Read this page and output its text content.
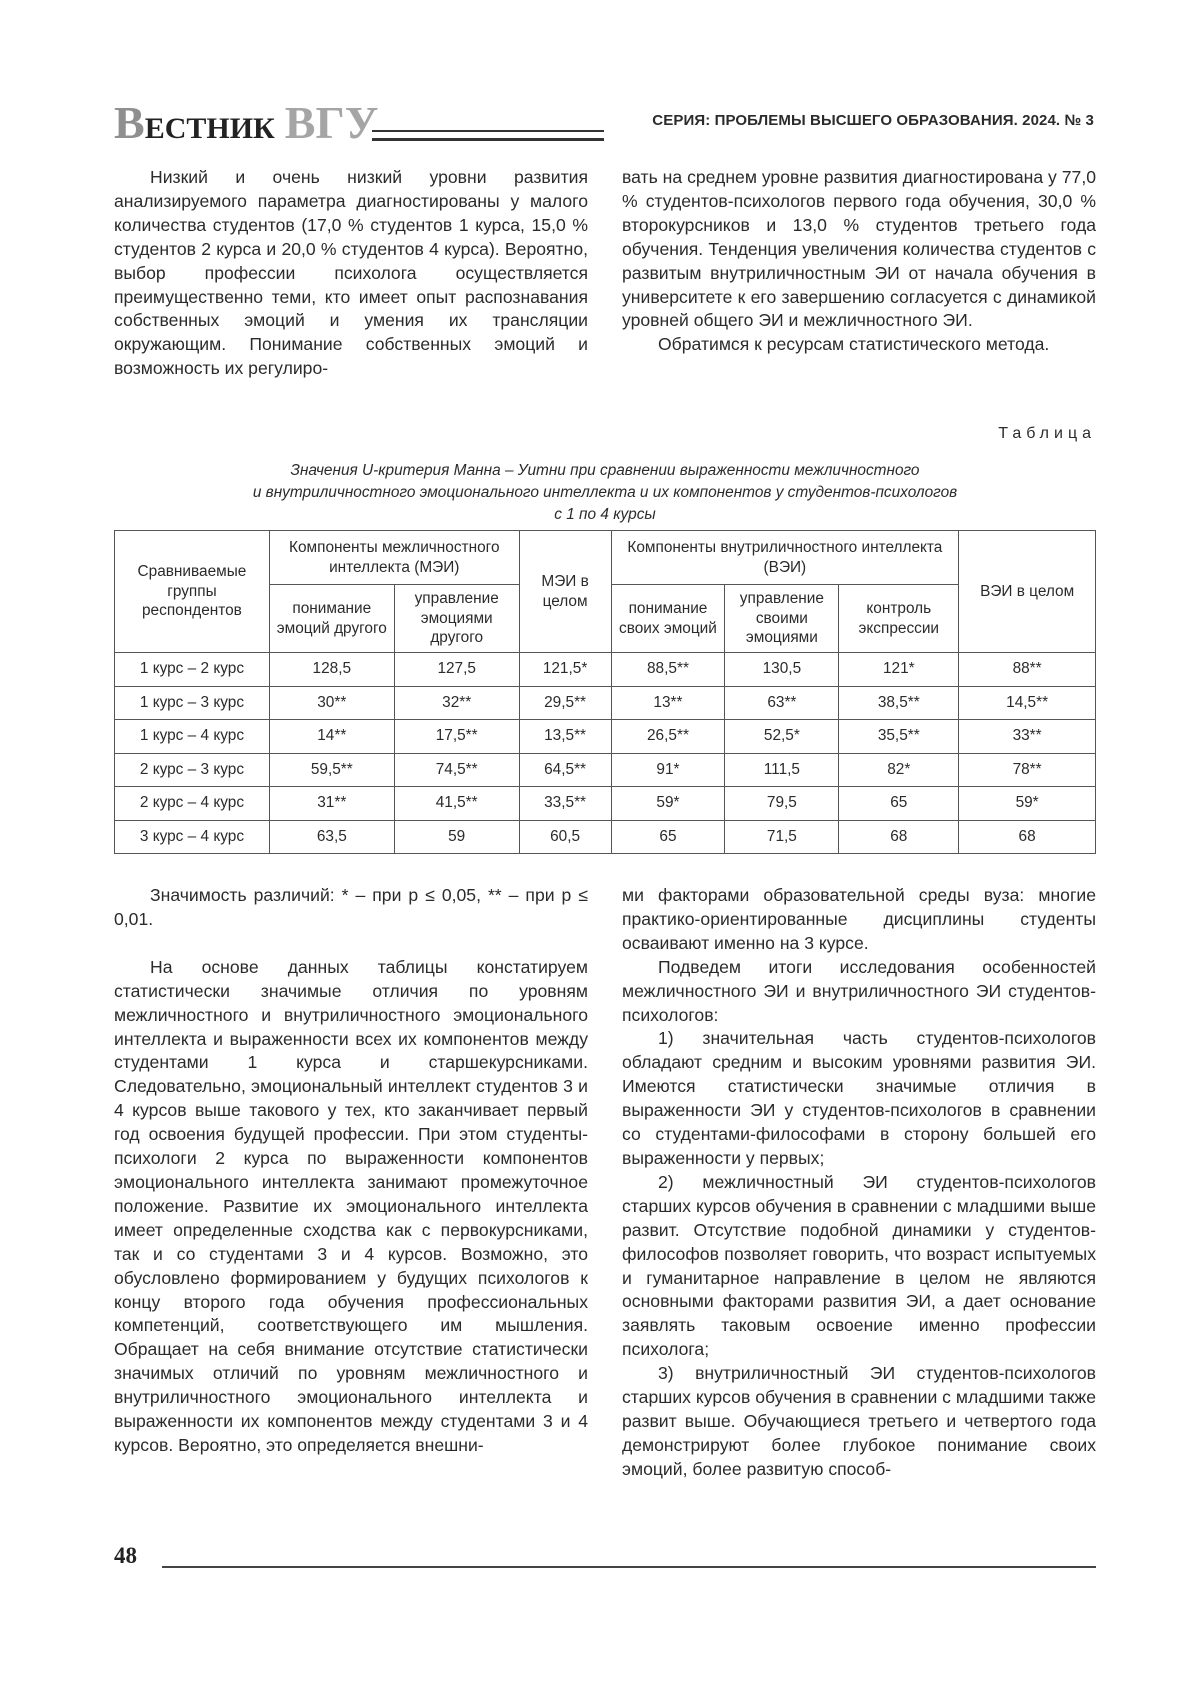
ВЕСТНИК ВГУ	СЕРИЯ: ПРОБЛЕМЫ ВЫСШЕГО ОБРАЗОВАНИЯ. 2024. № 3

Низкий и очень низкий уровни развития анализируемого параметра диагностированы у малого количества студентов (17,0 % студентов 1 курса, 15,0 % студентов 2 курса и 20,0 % студентов 4 курса). Вероятно, выбор профессии психолога осуществляется преимущественно теми, кто имеет опыт распознавания собственных эмоций и умения их трансляции окружающим. Понимание собственных эмоций и возможность их регулиро-

вать на среднем уровне развития диагностирована у 77,0 % студентов-психологов первого года обучения, 30,0 % второкурсников и 13,0 % студентов третьего года обучения. Тенденция увеличения количества студентов с развитым внутриличностным ЭИ от начала обучения в университете к его завершению согласуется с динамикой уровней общего ЭИ и межличностного ЭИ.

Обратимся к ресурсам статистического метода.

Таблица
Значения U-критерия Манна – Уитни при сравнении выраженности межличностного
и внутриличностного эмоционального интеллекта и их компонентов у студентов-психологов
с 1 по 4 курсы
Сравниваемые группы респондентов	Компоненты межличностного интеллекта (МЭИ)		МЭИ в целом	Компоненты внутриличностного интеллекта (ВЭИ)			ВЭИ в целом
	понимание эмоций другого	управление эмоциями другого		понимание своих эмоций	управление своими эмоциями	контроль экспрессии	
1 курс – 2 курс	128,5	127,5	121,5*	88,5**	130,5	121*	88**
1 курс – 3 курс	30**	32**	29,5**	13**	63**	38,5**	14,5**
1 курс – 4 курс	14**	17,5**	13,5**	26,5**	52,5*	35,5**	33**
2 курс – 3 курс	59,5**	74,5**	64,5**	91*	111,5	82*	78**
2 курс – 4 курс	31**	41,5**	33,5**	59*	79,5	65	59*
3 курс – 4 курс	63,5	59	60,5	65	71,5	68	68

Значимость различий: * – при p ≤ 0,05, ** – при p ≤ 0,01.

На основе данных таблицы констатируем статистически значимые отличия по уровням межличностного и внутриличностного эмоционального интеллекта и выраженности всех их компонентов между студентами 1 курса и старшекурсниками. Следовательно, эмоциональный интеллект студентов 3 и 4 курсов выше такового у тех, кто заканчивает первый год освоения будущей профессии. При этом студенты-психологи 2 курса по выраженности компонентов эмоционального интеллекта занимают промежуточное положение. Развитие их эмоционального интеллекта имеет определенные сходства как с первокурсниками, так и со студентами 3 и 4 курсов. Возможно, это обусловлено формированием у будущих психологов к концу второго года обучения профессиональных компетенций, соответствующего им мышления. Обращает на себя внимание отсутствие статистически значимых отличий по уровням межличностного и внутриличностного эмоционального интеллекта и выраженности их компонентов между студентами 3 и 4 курсов. Вероятно, это определяется внешни-

ми факторами образовательной среды вуза: многие практико-ориентированные дисциплины студенты осваивают именно на 3 курсе.

Подведем итоги исследования особенностей межличностного ЭИ и внутриличностного ЭИ студентов-психологов:

1) значительная часть студентов-психологов обладают средним и высоким уровнями развития ЭИ. Имеются статистически значимые отличия в выраженности ЭИ у студентов-психологов в сравнении со студентами-философами в сторону большей его выраженности у первых;

2) межличностный ЭИ студентов-психологов старших курсов обучения в сравнении с младшими выше развит. Отсутствие подобной динамики у студентов-философов позволяет говорить, что возраст испытуемых и гуманитарное направление в целом не являются основными факторами развития ЭИ, а дает основание заявлять таковым освоение именно профессии психолога;

3) внутриличностный ЭИ студентов-психологов старших курсов обучения в сравнении с младшими также развит выше. Обучающиеся третьего и четвертого года демонстрируют более глубокое понимание своих эмоций, более развитую способ-

48
